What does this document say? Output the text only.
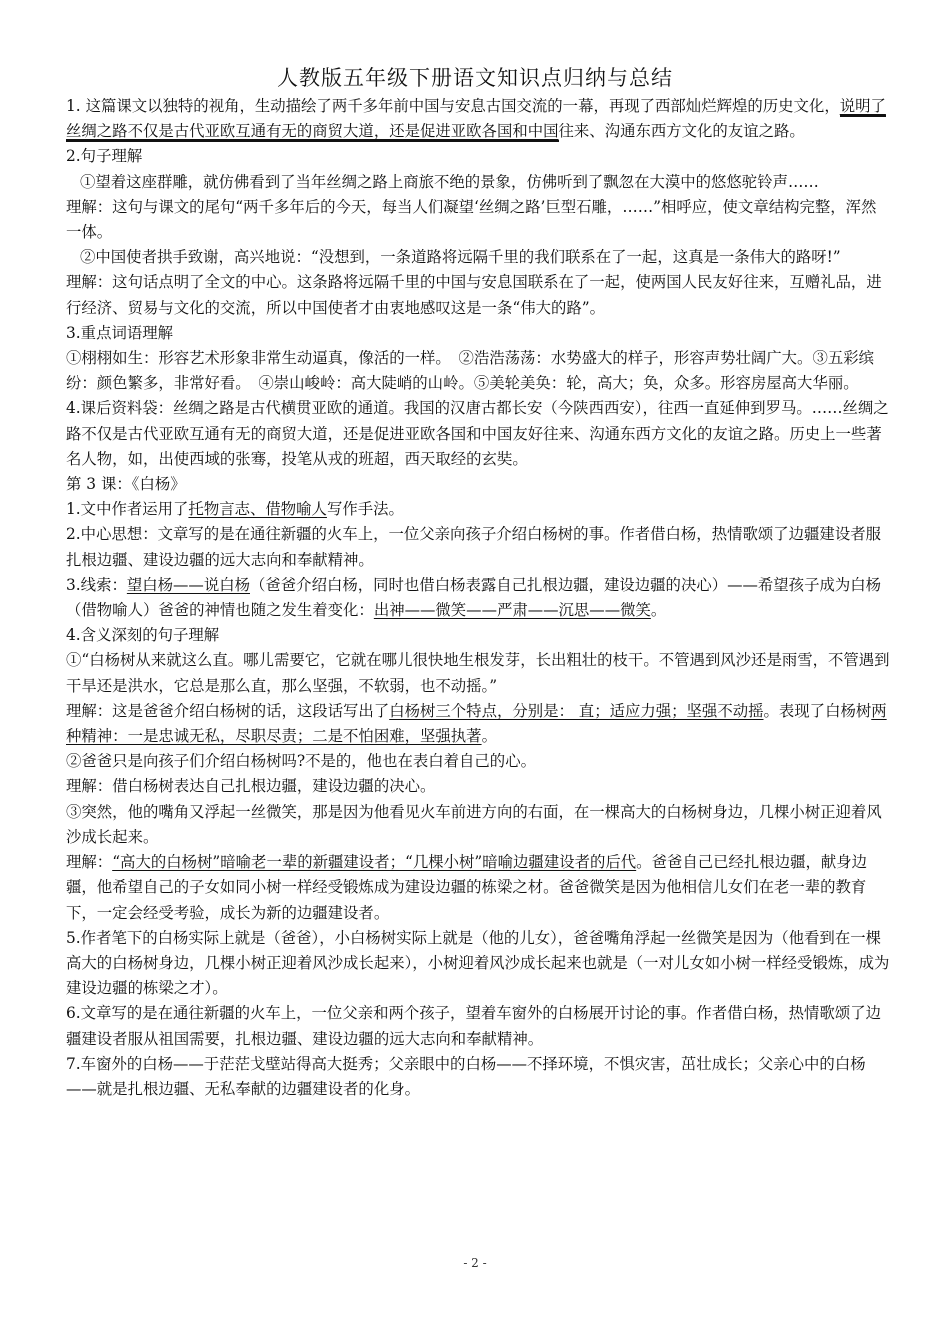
人教版五年级下册语文知识点归纳与总结

1. 这篇课文以独特的视角，生动描绘了两千多年前中国与安息古国交流的一幕，再现了西部灿烂辉煌的历史文化，说明了丝绸之路不仅是古代亚欧互通有无的商贸大道，还是促进亚欧各国和中国往来、沟通东西方文化的友谊之路。

2.句子理解

①望着这座群雕，就仿佛看到了当年丝绸之路上商旅不绝的景象，仿佛听到了飘忽在大漠中的悠悠驼铃声……

理解：这句与课文的尾句“两千多年后的今天，每当人们凝望‘丝绸之路’巨型石雕，……”相呼应，使文章结构完整，浑然一体。

②中国使者拱手致谢，高兴地说：“没想到，一条道路将远隔千里的我们联系在了一起，这真是一条伟大的路呀!”

理解：这句话点明了全文的中心。这条路将远隔千里的中国与安息国联系在了一起，使两国人民友好往来，互赠礼品，进行经济、贸易与文化的交流，所以中国使者才由衷地感叹这是一条“伟大的路”。

3.重点词语理解

①栩栩如生：形容艺术形象非常生动逼真，像活的一样。　②浩浩荡荡：水势盛大的样子，形容声势壮阔广大。③五彩缤纷：颜色繁多，非常好看。　④崇山峻岭：高大陡峭的山岭。⑤美轮美奂：轮，高大；奂，众多。形容房屋高大华丽。

4.课后资料袋：丝绸之路是古代横贯亚欧的通道。我国的汉唐古都长安（今陕西西安），往西一直延伸到罗马。……丝绸之路不仅是古代亚欧互通有无的商贸大道，还是促进亚欧各国和中国友好往来、沟通东西方文化的友谊之路。历史上一些著名人物，如，出使西域的张骞，投笔从戎的班超，西天取经的玄奘。

第 3 课：《白杨》

1.文中作者运用了托物言志、借物喻人写作手法。

2.中心思想：文章写的是在通往新疆的火车上，一位父亲向孩子介绍白杨树的事。作者借白杨，热情歌颂了边疆建设者服扎根边疆、建设边疆的远大志向和奉献精神。

3.线索：望白杨——说白杨（爸爸介绍白杨，同时也借白杨表露自己扎根边疆，建设边疆的决心）——希望孩子成为白杨（借物喻人）爸爸的神情也随之发生着变化：出神——微笑——严肃——沉思——微笑。

4.含义深刻的句子理解

①“白杨树从来就这么直。哪儿需要它，它就在哪儿很快地生根发芽，长出粗壮的枝干。不管遇到风沙还是雨雪，不管遇到干旱还是洪水，它总是那么直，那么坚强，不软弱，也不动摇。”

理解：这是爸爸介绍白杨树的话，这段话写出了白杨树三个特点，分别是： 直；适应力强；坚强不动摇。表现了白杨树两种精神：一是忠诚无私，尽职尽责；二是不怕困难，坚强执著。

②爸爸只是向孩子们介绍白杨树吗?不是的，他也在表白着自己的心。

理解：借白杨树表达自己扎根边疆，建设边疆的决心。

③突然，他的嘴角又浮起一丝微笑，那是因为他看见火车前进方向的右面，在一棵高大的白杨树身边，几棵小树正迎着风沙成长起来。

理解：“高大的白杨树”暗喻老一辈的新疆建设者；“几棵小树”暗喻边疆建设者的后代。爸爸自己已经扎根边疆，献身边疆，他希望自己的子女如同小树一样经受锻炼成为建设边疆的栋梁之材。爸爸微笑是因为他相信儿女们在老一辈的教育下，一定会经受考验，成长为新的边疆建设者。

5.作者笔下的白杨实际上就是（爸爸），小白杨树实际上就是（他的儿女），爸爸嘴角浮起一丝微笑是因为（他看到在一棵高大的白杨树身边，几棵小树正迎着风沙成长起来），小树迎着风沙成长起来也就是（一对儿女如小树一样经受锻炼，成为建设边疆的栋梁之才）。

6.文章写的是在通往新疆的火车上，一位父亲和两个孩子，望着车窗外的白杨展开讨论的事。作者借白杨，热情歌颂了边疆建设者服从祖国需要，扎根边疆、建设边疆的远大志向和奉献精神。

7.车窗外的白杨——于茫茫戈壁站得高大挺秀；父亲眼中的白杨——不择环境，不惧灾害，茁壮成长；父亲心中的白杨——就是扎根边疆、无私奉献的边疆建设者的化身。

- 2 -
